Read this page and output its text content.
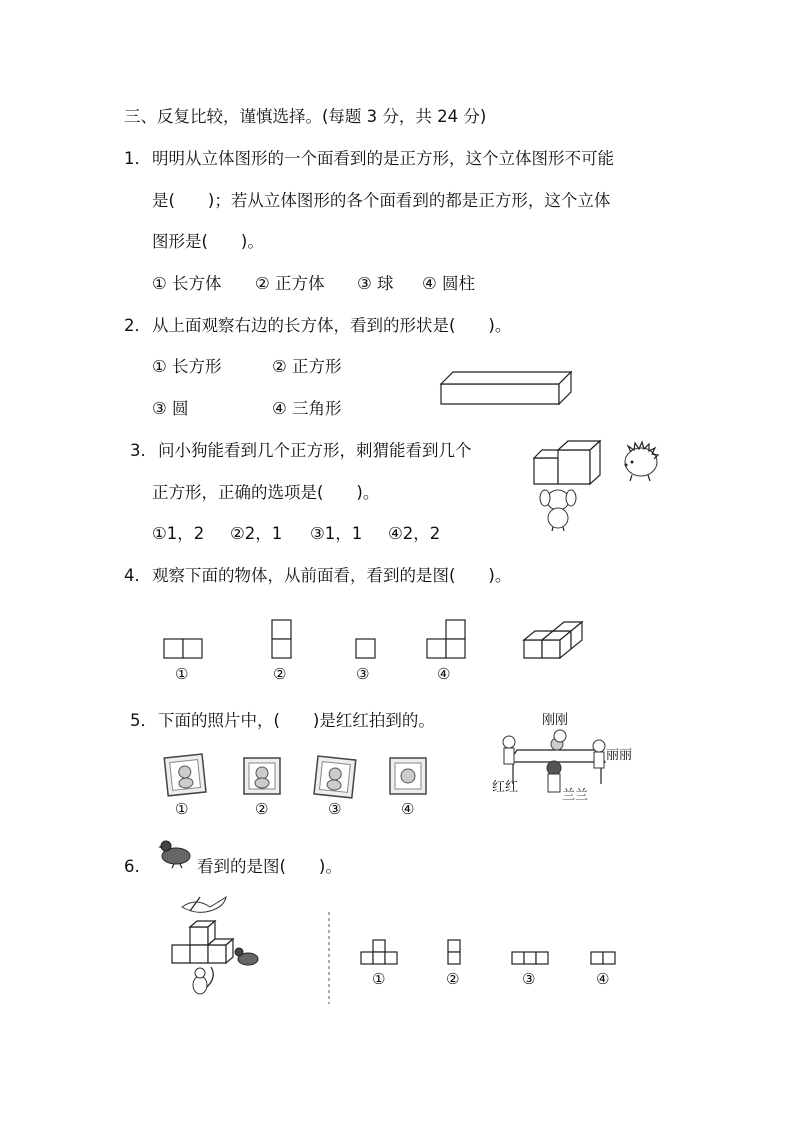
三、反复比较，谨慎选择。(每题 3 分，共 24 分)
1． 明明从立体图形的一个面看到的是正方形，这个立体图形不可能
是(　　)；若从立体图形的各个面看到的都是正方形，这个立体
图形是(　　)。
① 长方体 ② 正方体 ③ 球 ④ 圆柱
2． 从上面观察右边的长方体，看到的形状是(　　)。
① 长方形	② 正方形
③ 圆	④ 三角形
3． 问小狗能看到几个正方形，刺猬能看到几个
正方形，正确的选项是(　　)。
①1，2 ②2，1 ③1，1 ④2，2
4． 观察下面的物体，从前面看，看到的是图(　　)。
①	②	③	④
5． 下面的照片中，(　　)是红红拍到的。
①	②	③	④
刚刚
丽丽
红红
兰兰
6.	看到的是图(　　)。
①	②	③	④
